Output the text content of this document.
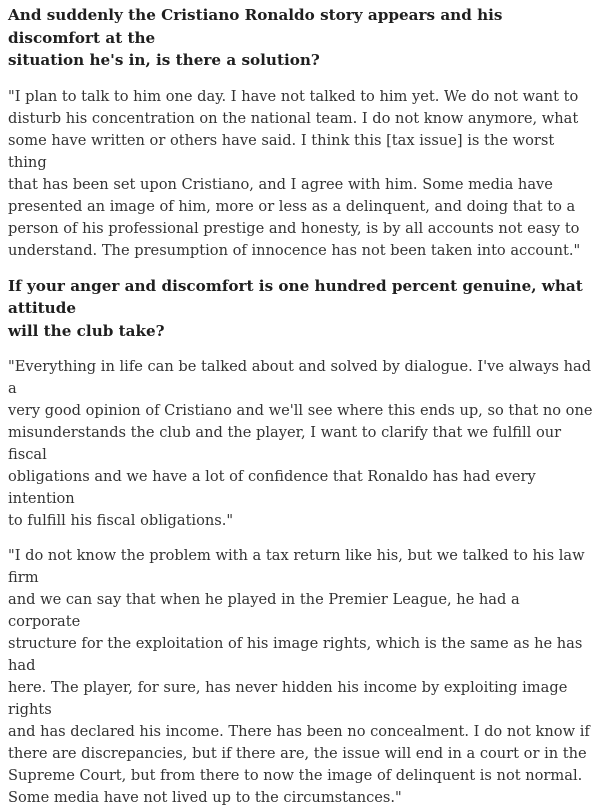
And suddenly the Cristiano Ronaldo story appears and his discomfort at the
situation he's in, is there a solution?

"I plan to talk to him one day. I have not talked to him yet. We do not want to
disturb his concentration on the national team. I do not know anymore, what
some have written or others have said. I think this [tax issue] is the worst thing
that has been set upon Cristiano, and I agree with him. Some media have
presented an image of him, more or less as a delinquent, and doing that to a
person of his professional prestige and honesty, is by all accounts not easy to
understand. The presumption of innocence has not been taken into account."

If your anger and discomfort is one hundred percent genuine, what attitude
will the club take?

"Everything in life can be talked about and solved by dialogue. I've always had a
very good opinion of Cristiano and we'll see where this ends up, so that no one
misunderstands the club and the player, I want to clarify that we fulfill our fiscal
obligations and we have a lot of confidence that Ronaldo has had every intention
to fulfill his fiscal obligations."

"I do not know the problem with a tax return like his, but we talked to his law firm
and we can say that when he played in the Premier League, he had a corporate
structure for the exploitation of his image rights, which is the same as he has had
here. The player, for sure, has never hidden his income by exploiting image rights
and has declared his income. There has been no concealment. I do not know if
there are discrepancies, but if there are, the issue will end in a court or in the
Supreme Court, but from there to now the image of delinquent is not normal.
Some media have not lived up to the circumstances."
